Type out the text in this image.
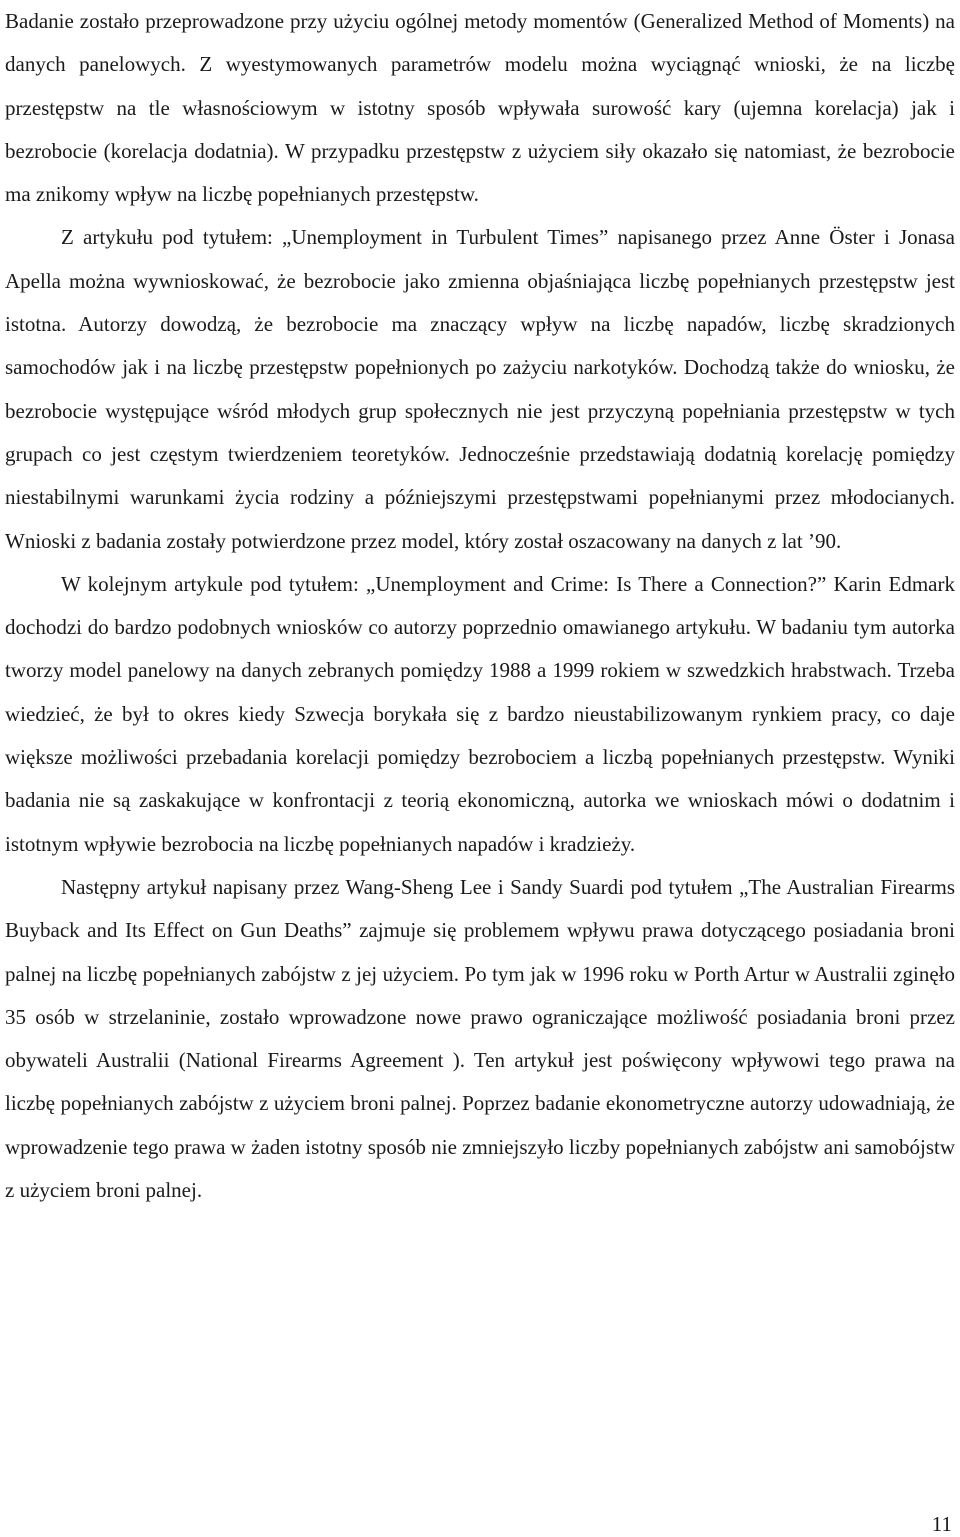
Badanie zostało przeprowadzone przy użyciu ogólnej metody momentów (Generalized Method of Moments) na danych panelowych. Z wyestymowanych parametrów modelu można wyciągnąć wnioski, że na liczbę przestępstw na tle własnościowym w istotny sposób wpływała surowość kary (ujemna korelacja) jak i bezrobocie (korelacja dodatnia). W przypadku przestępstw z użyciem siły okazało się natomiast, że bezrobocie ma znikomy wpływ na liczbę popełnianych przestępstw.

Z artykułu pod tytułem: „Unemployment in Turbulent Times” napisanego przez Anne Öster i Jonasa Apella można wywnioskować, że bezrobocie jako zmienna objaśniająca liczbę popełnianych przestępstw jest istotna. Autorzy dowodzą, że bezrobocie ma znaczący wpływ na liczbę napadów, liczbę skradzionych samochodów jak i na liczbę przestępstw popełnionych po zażyciu narkotyków. Dochodzą także do wniosku, że bezrobocie występujące wśród młodych grup społecznych nie jest przyczyną popełniania przestępstw w tych grupach co jest częstym twierdzeniem teoretyków. Jednocześnie przedstawiają dodatnią korelację pomiędzy niestabilnymi warunkami życia rodziny a późniejszymi przestępstwami popełnianymi przez młodocianych. Wnioski z badania zostały potwierdzone przez model, który został oszacowany na danych z lat ’90.

W kolejnym artykule pod tytułem: „Unemployment and Crime: Is There a Connection?” Karin Edmark dochodzi do bardzo podobnych wniosków co autorzy poprzednio omawianego artykułu. W badaniu tym autorka tworzy model panelowy na danych zebranych pomiędzy 1988 a 1999 rokiem w szwedzkich hrabstwach. Trzeba wiedzieć, że był to okres kiedy Szwecja borykała się z bardzo nieustabilizowanym rynkiem pracy, co daje większe możliwości przebadania korelacji pomiędzy bezrobociem a liczbą popełnianych przestępstw. Wyniki badania nie są zaskakujące w konfrontacji z teorią ekonomiczną, autorka we wnioskach mówi o dodatnim i istotnym wpływie bezrobocia na liczbę popełnianych napadów i kradzieży.

Następny artykuł napisany przez Wang-Sheng Lee i Sandy Suardi pod tytułem „The Australian Firearms Buyback and Its Effect on Gun Deaths” zajmuje się problemem wpływu prawa dotyczącego posiadania broni palnej na liczbę popełnianych zabójstw z jej użyciem. Po tym jak w 1996 roku w Porth Artur w Australii zginęło 35 osób w strzelaninie, zostało wprowadzone nowe prawo ograniczające możliwość posiadania broni przez obywateli Australii (National Firearms Agreement ). Ten artykuł jest poświęcony wpływowi tego prawa na liczbę popełnianych zabójstw z użyciem broni palnej. Poprzez badanie ekonometryczne autorzy udowadniają, że wprowadzenie tego prawa w żaden istotny sposób nie zmniejszyło liczby popełnianych zabójstw ani samobójstw z użyciem broni palnej.

11
